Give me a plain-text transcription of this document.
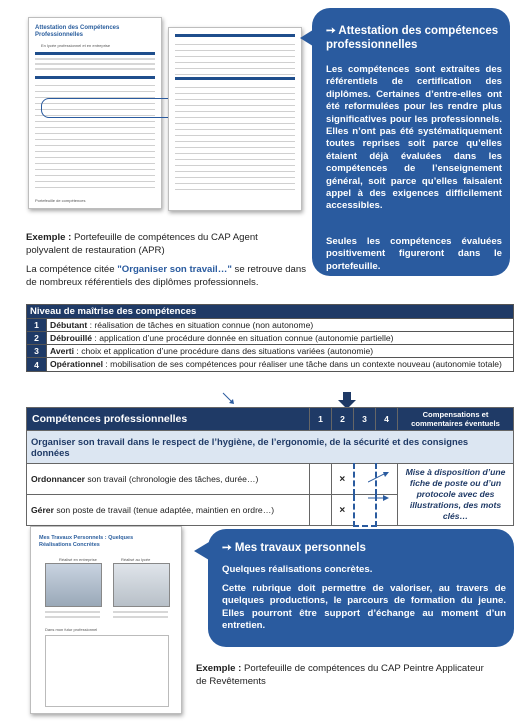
Attestation des Compétences Professionnelles
En lycée professionnel et en entreprise
Portefeuille de compétences
➙ Attestation des compétences professionnelles

Les compétences sont extraites des référentiels de certification des diplômes. Certaines d’entre-elles ont été reformulées pour les rendre plus significatives pour les professionnels. Elles n’ont pas été systématiquement toutes reprises soit parce qu’elles étaient déjà évaluées dans les compétences de l’enseignement général, soit parce qu’elles faisaient appel à des exigences difficilement accessibles.

Seules les compétences évaluées positivement figureront dans le portefeuille.

Exemple : Portefeuille de compétences du CAP Agent polyvalent de restauration (APR)
La compétence citée "Organiser son travail…" se retrouve dans de nombreux référentiels des diplômes professionnels.
Niveau de maîtrise des compétences	
1	Débutant : réalisation de tâches en situation connue (non autonome)
2	Débrouillé : application d’une procédure donnée en situation connue (autonomie partielle)
3	Averti : choix et application d’une procédure dans des situations variées (autonomie)
4	Opérationnel : mobilisation de ses compétences pour réaliser une tâche dans un contexte nouveau (autonomie totale)
Compétences professionnelles	1	2	3	4	Compensations et commentaires éventuels
Organiser son travail dans le respect de l’hygiène, de l’ergonomie, de la sécurité et des consignes données					
Ordonnancer son travail (chronologie des tâches, durée…)		×			Mise à disposition d’une fiche de poste ou d’un protocole avec des illustrations, des mots clés…
Gérer son poste de travail (tenue adaptée, maintien en ordre…)		×			
Mes Travaux Personnels : Quelques Réalisations Concrètes
Réalisé en entreprise	Réalisé au lycée
Dans mon futur professionnel
➙ Mes travaux personnels

Quelques réalisations concrètes.

Cette rubrique doit permettre de valoriser, au travers de quelques productions, le parcours de formation du jeune. Elles pourront être support d’échange au moment d’un entretien.

Exemple : Portefeuille de compétences du CAP Peintre Applicateur de Revêtements
